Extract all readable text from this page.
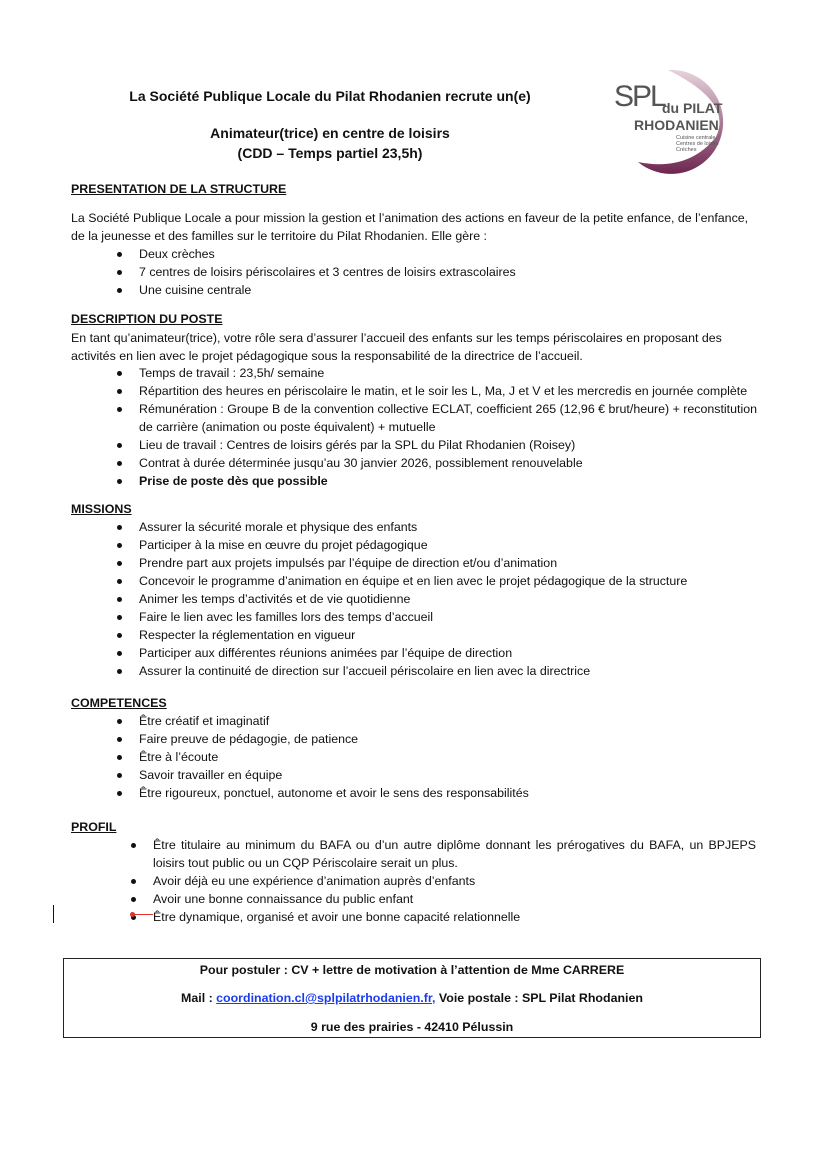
La Société Publique Locale du Pilat Rhodanien recrute un(e)
Animateur(trice) en centre de loisirs
(CDD – Temps partiel 23,5h)
SPL
du PILAT
RHODANIEN
Cuisine centrale
Centres de loisirs
Crèches
PRESENTATION DE LA STRUCTURE
La Société Publique Locale a pour mission la gestion et l’animation des actions en faveur de la petite enfance, de l’enfance, de la jeunesse et des familles sur le territoire du Pilat Rhodanien. Elle gère :
Deux crèches
7 centres de loisirs périscolaires et 3 centres de loisirs extrascolaires
Une cuisine centrale
DESCRIPTION DU POSTE
En tant qu’animateur(trice), votre rôle sera d’assurer l’accueil des enfants sur les temps périscolaires en proposant des activités en lien avec le projet pédagogique sous la responsabilité de la directrice de l’accueil.
Temps de travail : 23,5h/ semaine
Répartition des heures en périscolaire le matin, et le soir les L, Ma, J et V et les mercredis en journée complète
Rémunération : Groupe B de la convention collective ECLAT, coefficient 265 (12,96 € brut/heure) + reconstitution de carrière (animation ou poste équivalent) + mutuelle
Lieu de travail : Centres de loisirs gérés par la SPL du Pilat Rhodanien (Roisey)
Contrat à durée déterminée jusqu’au 30 janvier 2026, possiblement renouvelable
Prise de poste dès que possible
MISSIONS
Assurer la sécurité morale et physique des enfants
Participer à la mise en œuvre du projet pédagogique
Prendre part aux projets impulsés par l’équipe de direction et/ou d’animation
Concevoir le programme d’animation en équipe et en lien avec le projet pédagogique de la structure
Animer les temps d’activités et de vie quotidienne
Faire le lien avec les familles lors des temps d’accueil
Respecter la réglementation en vigueur
Participer aux différentes réunions animées par l’équipe de direction
Assurer la continuité de direction sur l’accueil périscolaire en lien avec la directrice
COMPETENCES
Être créatif et imaginatif
Faire preuve de pédagogie, de patience
Être à l’écoute
Savoir travailler en équipe
Être rigoureux, ponctuel, autonome et avoir le sens des responsabilités
PROFIL
Être titulaire au minimum du BAFA ou d’un autre diplôme donnant les prérogatives du BAFA, un BPJEPS loisirs tout public ou un CQP Périscolaire serait un plus.
Avoir déjà eu une expérience d’animation auprès d’enfants
Avoir une bonne connaissance du public enfant
Être dynamique, organisé et avoir une bonne capacité relationnelle
Pour postuler : CV + lettre de motivation à l’attention de Mme CARRERE
Mail : coordination.cl@splpilatrhodanien.fr, Voie postale : SPL Pilat Rhodanien
9 rue des prairies - 42410 Pélussin
